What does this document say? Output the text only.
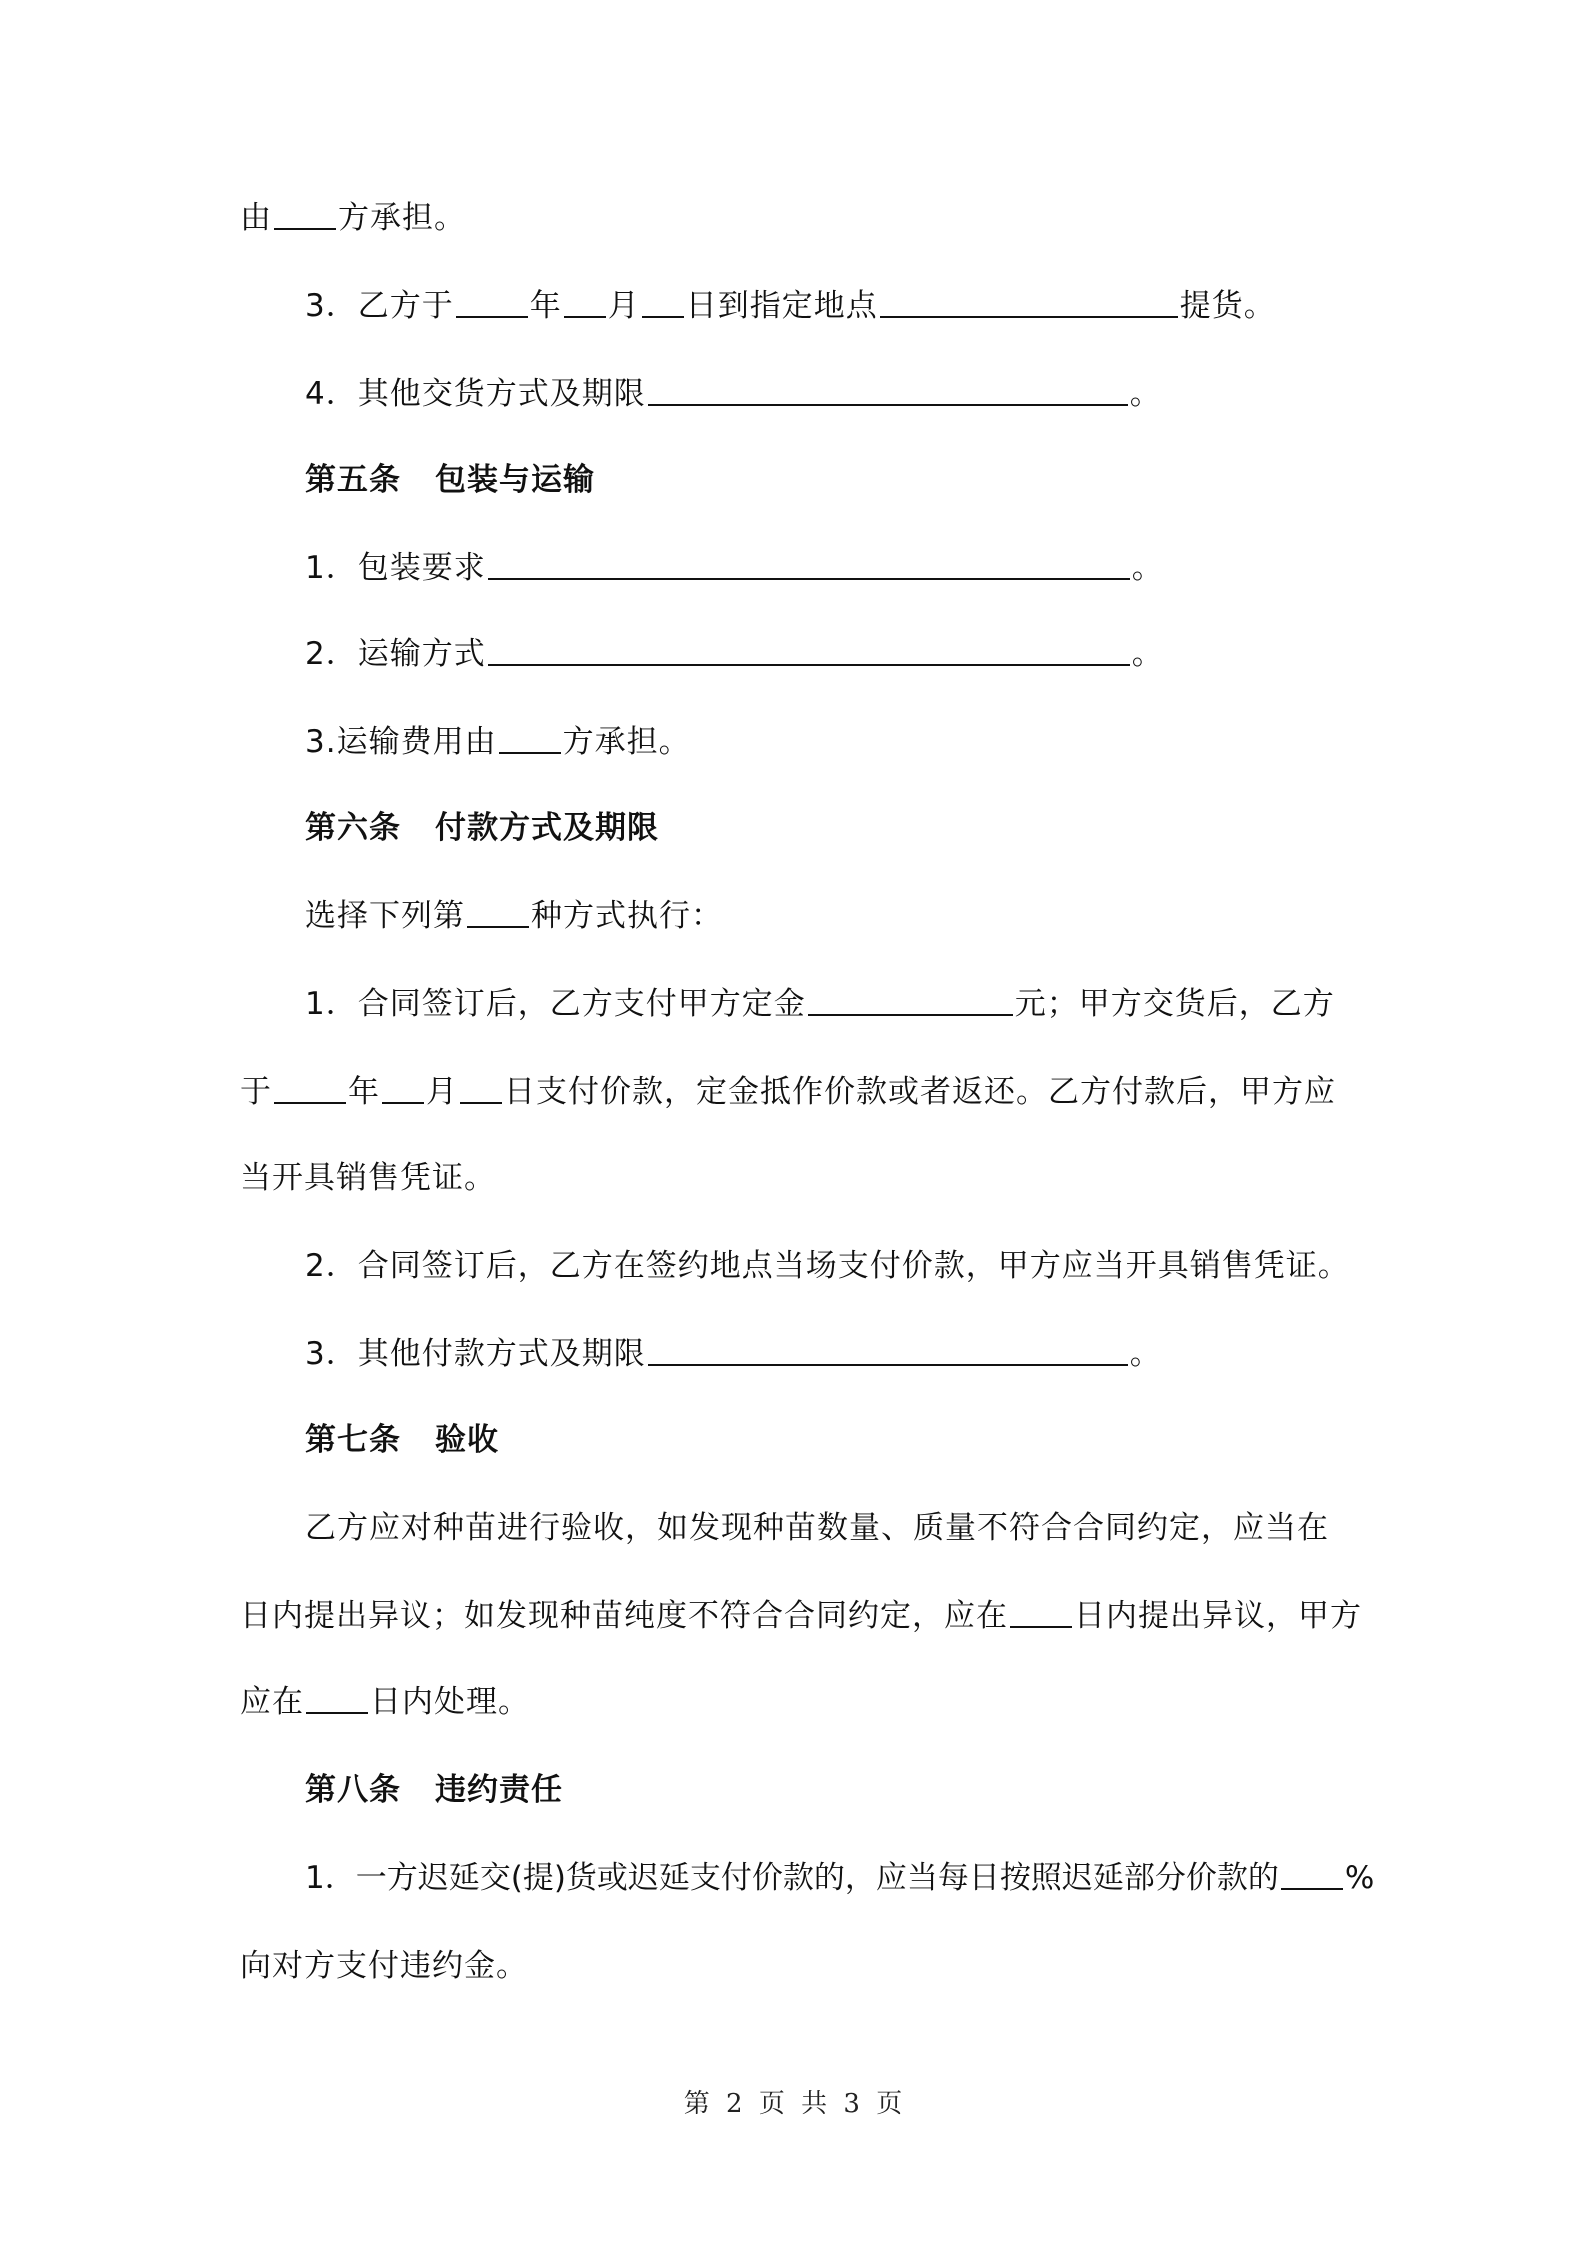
由 方承担。
3．乙方于 年 月 日到指定地点	提货。
4．其他交货方式及期限	。
第五条 包装与运输
1．包装要求	。
2．运输方式	。
3.运输费用由 方承担。
第六条 付款方式及期限
选择下列第 种方式执行：
1．合同签订后，乙方支付甲方定金	元；甲方交货后，乙方
于 年 月 日支付价款，定金抵作价款或者返还。乙方付款后，甲方应
当开具销售凭证。
2．合同签订后，乙方在签约地点当场支付价款，甲方应当开具销售凭证。
3．其他付款方式及期限	。
第七条 验收
乙方应对种苗进行验收，如发现种苗数量、质量不符合合同约定，应当在
日内提出异议；如发现种苗纯度不符合合同约定，应在 日内提出异议，甲方
应在 日内处理。
第八条 违约责任
1．一方迟延交(提)货或迟延支付价款的，应当每日按照迟延部分价款的 %
向对方支付违约金。
第 2 页 共 3 页
